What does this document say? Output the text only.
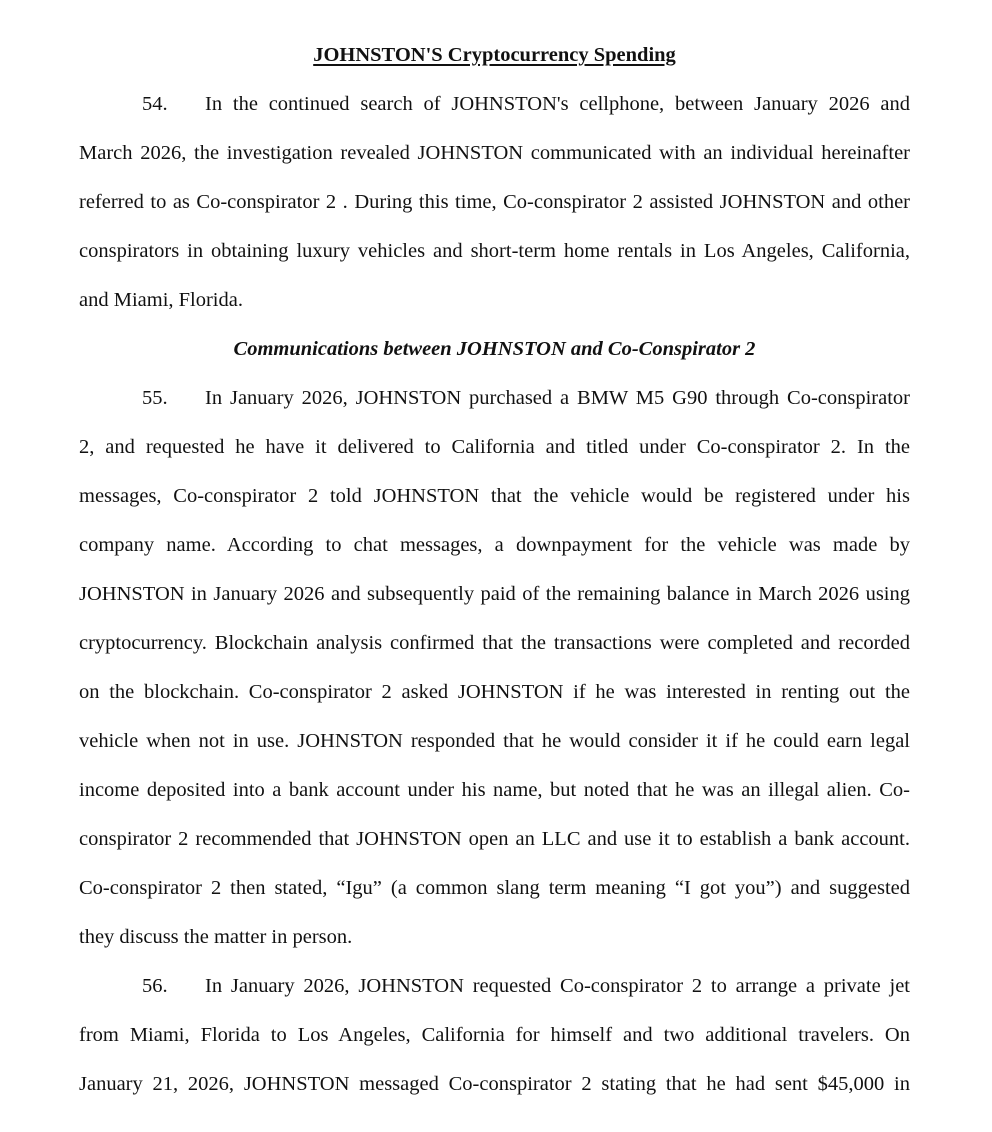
JOHNSTON'S Cryptocurrency Spending
54. In the continued search of JOHNSTON's cellphone, between January 2026 and
March 2026, the investigation revealed JOHNSTON communicated with an individual hereinafter
referred to as Co-conspirator 2 . During this time, Co-conspirator 2 assisted JOHNSTON and other
conspirators in obtaining luxury vehicles and short-term home rentals in Los Angeles, California,
and Miami, Florida.
Communications between JOHNSTON and Co-Conspirator 2
55. In January 2026, JOHNSTON purchased a BMW M5 G90 through Co-conspirator
2, and requested he have it delivered to California and titled under Co-conspirator 2. In the
messages, Co-conspirator 2 told JOHNSTON that the vehicle would be registered under his
company name. According to chat messages, a downpayment for the vehicle was made by
JOHNSTON in January 2026 and subsequently paid of the remaining balance in March 2026 using
cryptocurrency. Blockchain analysis confirmed that the transactions were completed and recorded
on the blockchain. Co-conspirator 2 asked JOHNSTON if he was interested in renting out the
vehicle when not in use. JOHNSTON responded that he would consider it if he could earn legal
income deposited into a bank account under his name, but noted that he was an illegal alien. Co-
conspirator 2 recommended that JOHNSTON open an LLC and use it to establish a bank account.
Co-conspirator 2 then stated, “Igu” (a common slang term meaning “I got you”) and suggested
they discuss the matter in person.
56. In January 2026, JOHNSTON requested Co-conspirator 2 to arrange a private jet
from Miami, Florida to Los Angeles, California for himself and two additional travelers. On
January 21, 2026, JOHNSTON messaged Co-conspirator 2 stating that he had sent $45,000 in
